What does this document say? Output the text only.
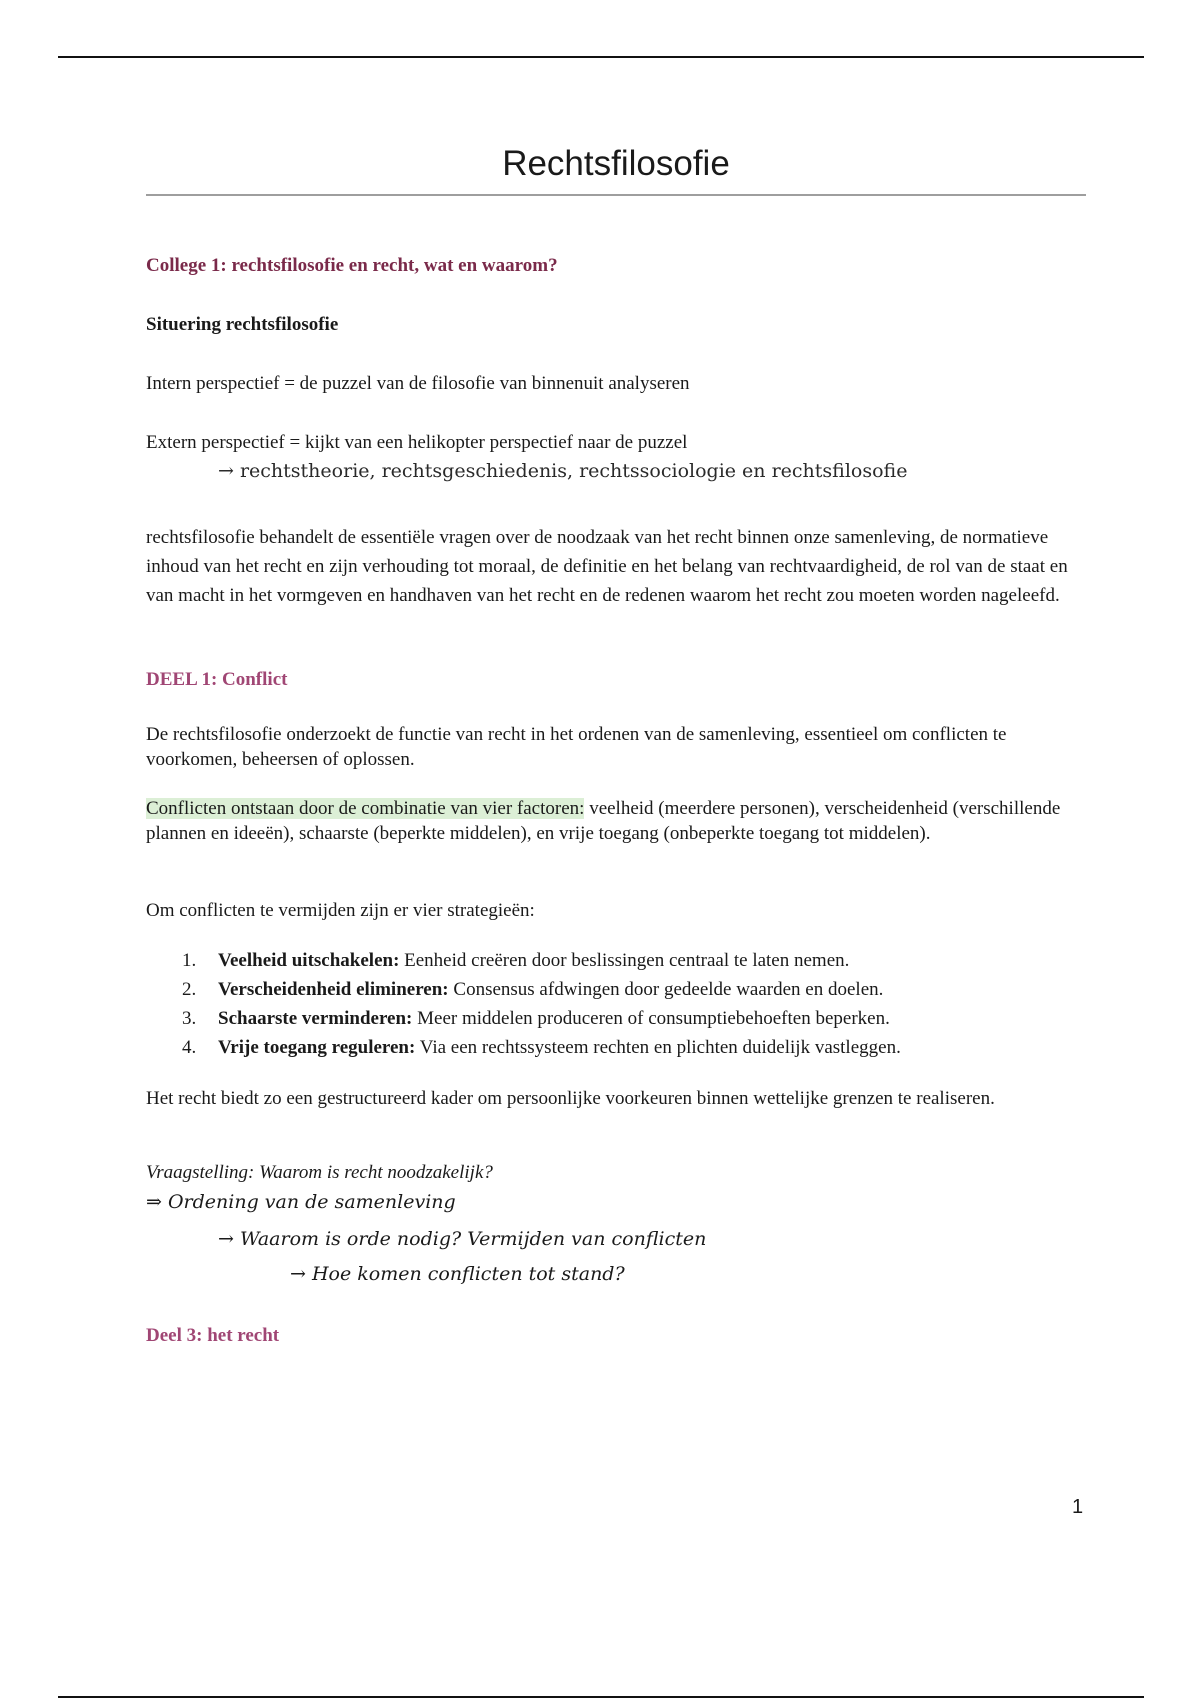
Rechtsfilosofie
College 1: rechtsfilosofie en recht, wat en waarom?
Situering rechtsfilosofie
Intern perspectief = de puzzel van de filosofie van binnenuit analyseren
Extern perspectief = kijkt van een helikopter perspectief naar de puzzel
→ rechtstheorie, rechtsgeschiedenis, rechtssociologie en rechtsfilosofie
rechtsfilosofie behandelt de essentiële vragen over de noodzaak van het recht binnen onze samenleving, de normatieve inhoud van het recht en zijn verhouding tot moraal, de definitie en het belang van rechtvaardigheid, de rol van de staat en van macht in het vormgeven en handhaven van het recht en de redenen waarom het recht zou moeten worden nageleefd.
DEEL 1: Conflict
De rechtsfilosofie onderzoekt de functie van recht in het ordenen van de samenleving, essentieel om conflicten te voorkomen, beheersen of oplossen.
Conflicten ontstaan door de combinatie van vier factoren: veelheid (meerdere personen), verscheidenheid (verschillende plannen en ideeën), schaarste (beperkte middelen), en vrije toegang (onbeperkte toegang tot middelen).
Om conflicten te vermijden zijn er vier strategieën:
1. Veelheid uitschakelen: Eenheid creëren door beslissingen centraal te laten nemen.
2. Verscheidenheid elimineren: Consensus afdwingen door gedeelde waarden en doelen.
3. Schaarste verminderen: Meer middelen produceren of consumptiebehoeften beperken.
4. Vrije toegang reguleren: Via een rechtssysteem rechten en plichten duidelijk vastleggen.
Het recht biedt zo een gestructureerd kader om persoonlijke voorkeuren binnen wettelijke grenzen te realiseren.
Vraagstelling: Waarom is recht noodzakelijk?
⇒ Ordening van de samenleving
→ Waarom is orde nodig? Vermijden van conflicten
→ Hoe komen conflicten tot stand?
Deel 3: het recht
1
